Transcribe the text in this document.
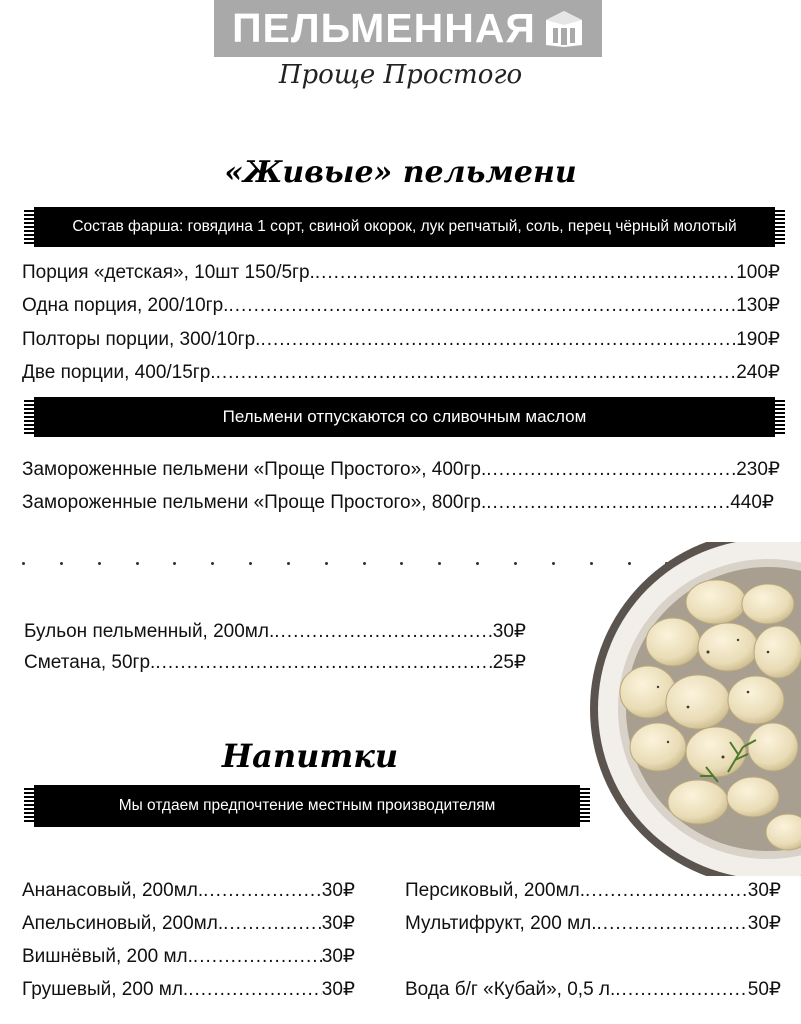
ПЕЛЬМЕННАЯ
Проще Простого
«Живые» пельмени
Состав фарша: говядина 1 сорт, свиной окорок, лук репчатый, соль, перец чёрный молотый
Порция «детская», 10шт 150/5гр. .....	100₽
Одна порция, 200/10гр. .....	130₽
Полторы порции, 300/10гр. .....	190₽
Две порции, 400/15гр. .....	240₽
Пельмени отпускаются со сливочным маслом
Замороженные пельмени «Проще Простого», 400гр. .....	230₽
Замороженные пельмени «Проще Простого», 800гр. .....	440₽
Бульон пельменный, 200мл. .....	30₽
Сметана, 50гр. .....	25₽
Напитки
Мы отдаем предпочтение местным производителям
Ананасовый, 200мл. .....	30₽
Апельсиновый, 200мл. .....	30₽
Вишнёвый, 200 мл. .....	30₽
Грушевый, 200 мл. .....	30₽
Персиковый, 200мл. .....	30₽
Мультифрукт, 200 мл. .....	30₽
Вода б/г «Кубай», 0,5 л. .....	50₽
